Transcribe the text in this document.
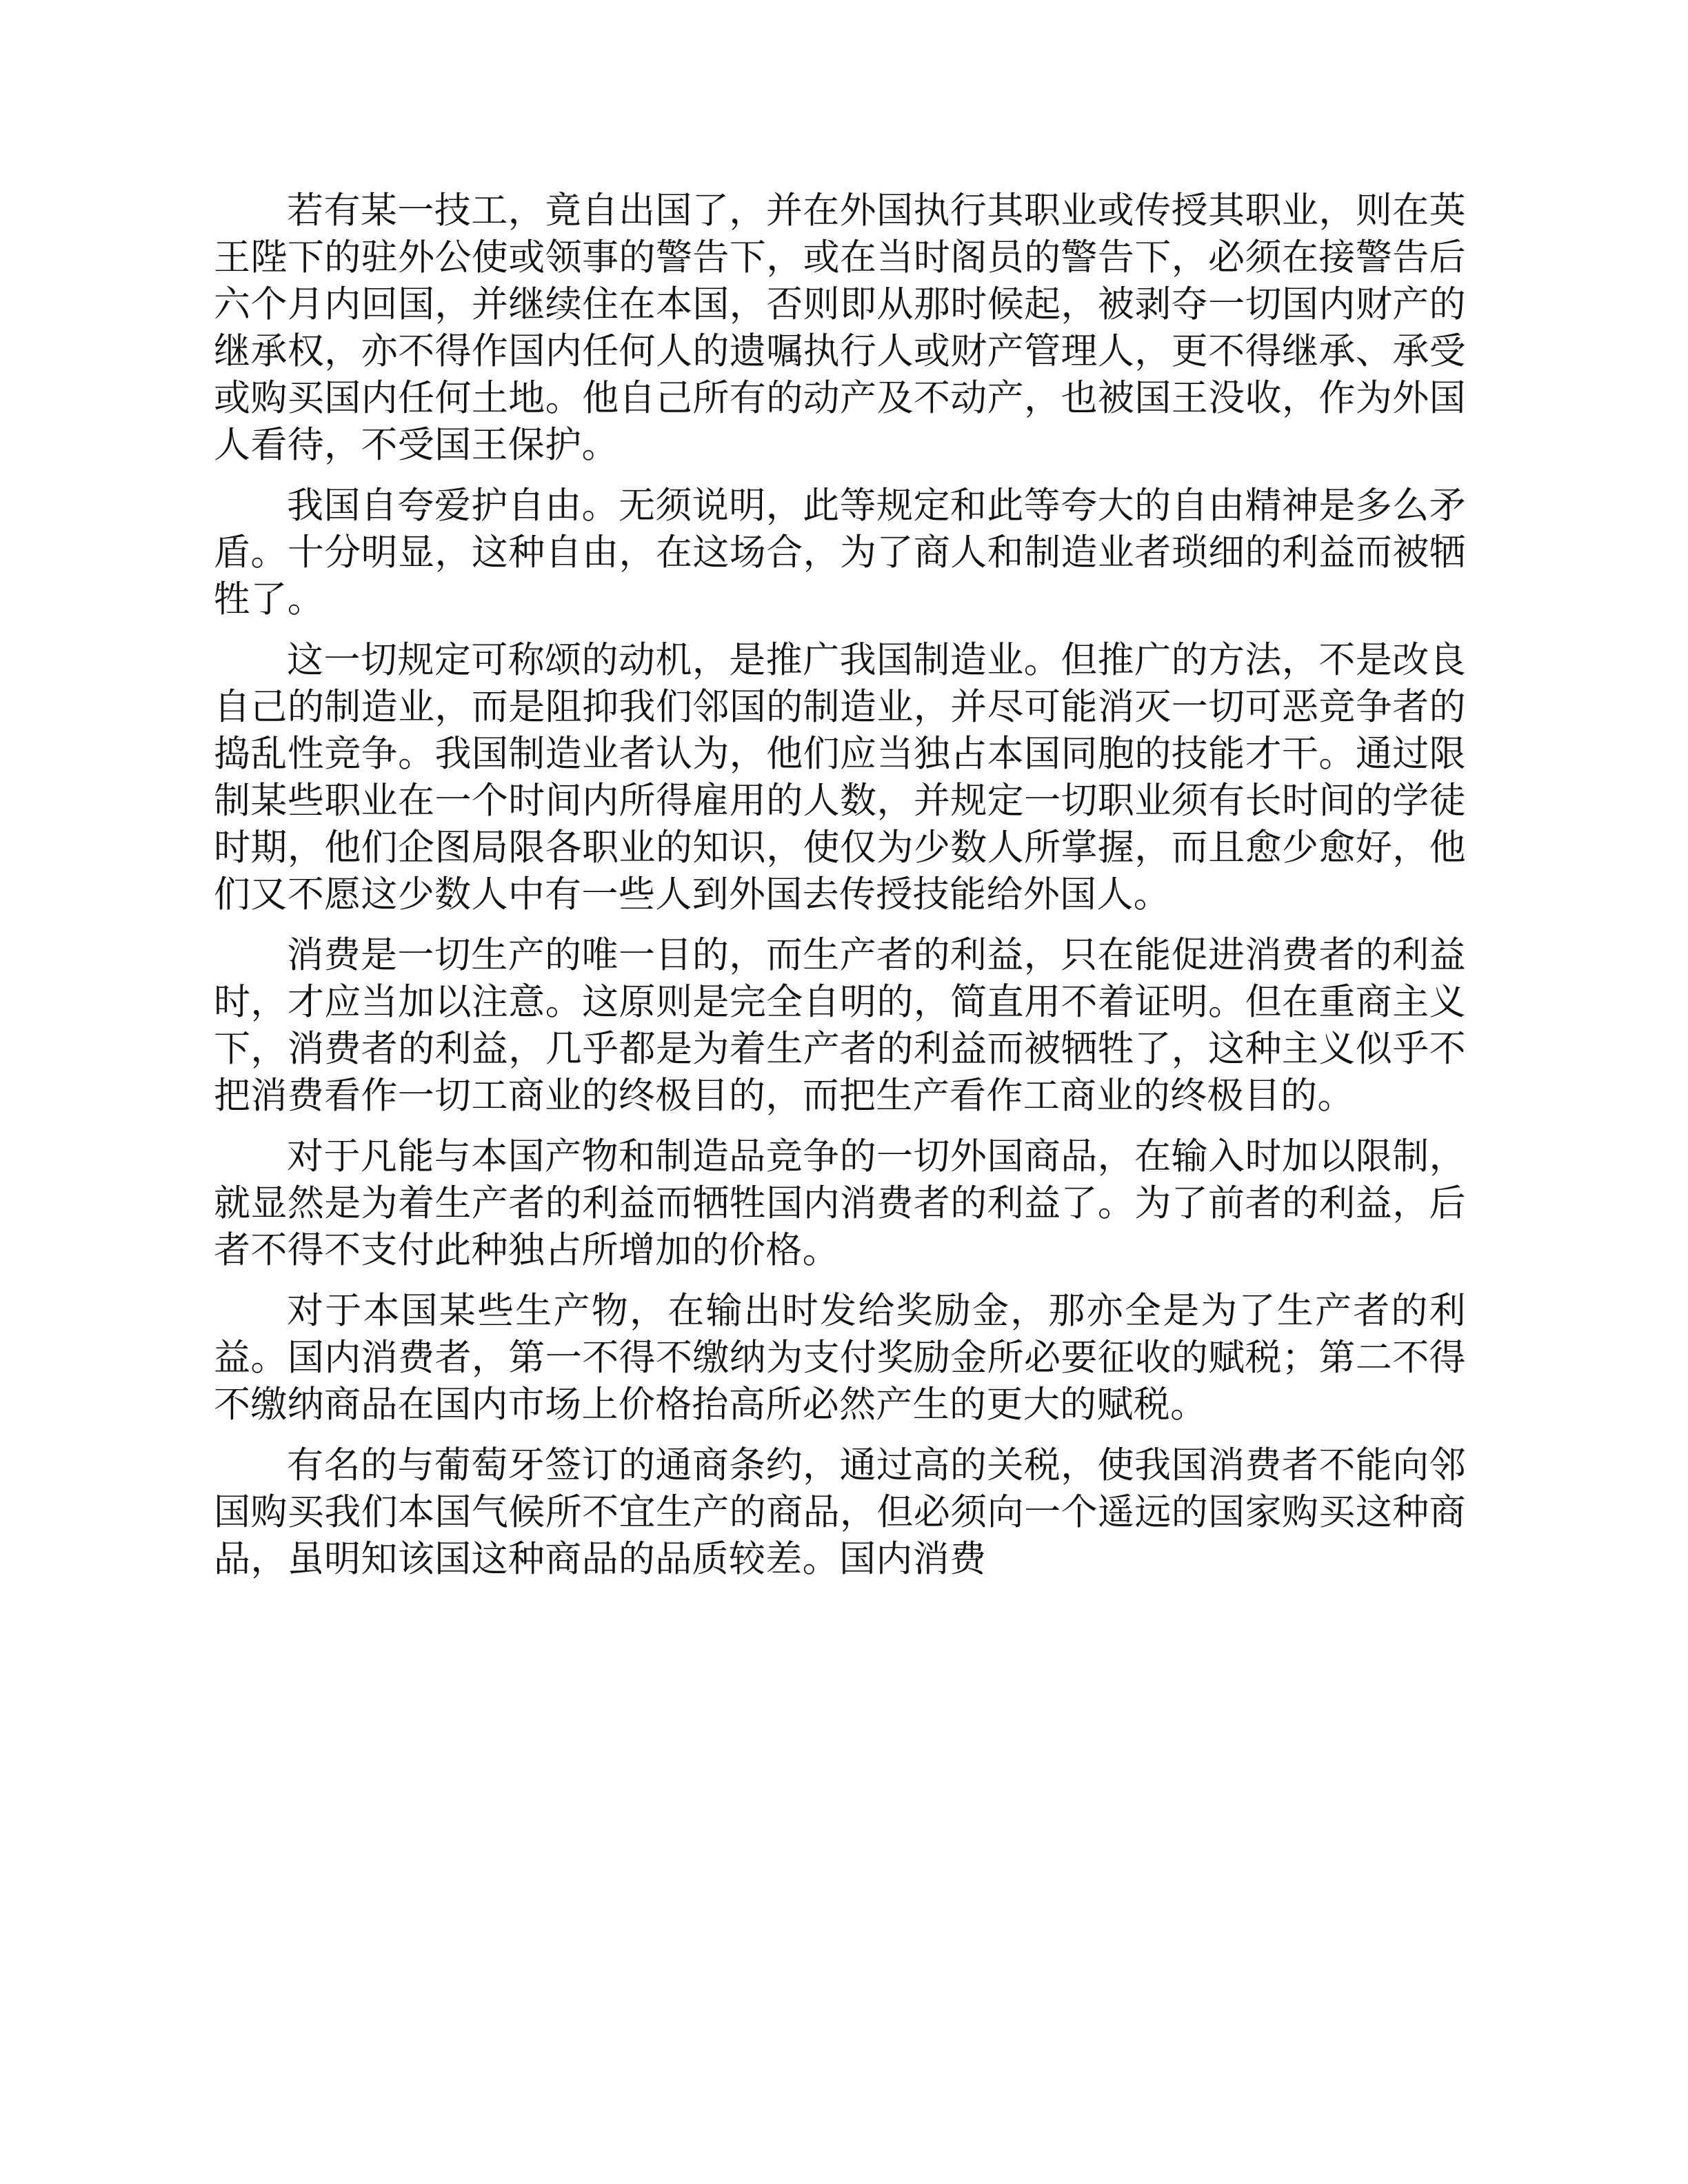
若有某一技工，竟自出国了，并在外国执行其职业或传授其职业，则在英王陛下的驻外公使或领事的警告下，或在当时阁员的警告下，必须在接警告后六个月内回国，并继续住在本国，否则即从那时候起，被剥夺一切国内财产的继承权，亦不得作国内任何人的遗嘱执行人或财产管理人，更不得继承、承受或购买国内任何土地。他自己所有的动产及不动产，也被国王没收，作为外国人看待，不受国王保护。

我国自夸爱护自由。无须说明，此等规定和此等夸大的自由精神是多么矛盾。十分明显，这种自由，在这场合，为了商人和制造业者琐细的利益而被牺牲了。

这一切规定可称颂的动机，是推广我国制造业。但推广的方法，不是改良自己的制造业，而是阻抑我们邻国的制造业，并尽可能消灭一切可恶竞争者的捣乱性竞争。我国制造业者认为，他们应当独占本国同胞的技能才干。通过限制某些职业在一个时间内所得雇用的人数，并规定一切职业须有长时间的学徒时期，他们企图局限各职业的知识，使仅为少数人所掌握，而且愈少愈好，他们又不愿这少数人中有一些人到外国去传授技能给外国人。

消费是一切生产的唯一目的，而生产者的利益，只在能促进消费者的利益时，才应当加以注意。这原则是完全自明的，简直用不着证明。但在重商主义下，消费者的利益，几乎都是为着生产者的利益而被牺牲了，这种主义似乎不把消费看作一切工商业的终极目的，而把生产看作工商业的终极目的。

对于凡能与本国产物和制造品竞争的一切外国商品，在输入时加以限制，就显然是为着生产者的利益而牺牲国内消费者的利益了。为了前者的利益，后者不得不支付此种独占所增加的价格。

对于本国某些生产物，在输出时发给奖励金，那亦全是为了生产者的利益。国内消费者，第一不得不缴纳为支付奖励金所必要征收的赋税；第二不得不缴纳商品在国内市场上价格抬高所必然产生的更大的赋税。

有名的与葡萄牙签订的通商条约，通过高的关税，使我国消费者不能向邻国购买我们本国气候所不宜生产的商品，但必须向一个遥远的国家购买这种商品，虽明知该国这种商品的品质较差。国内消费
